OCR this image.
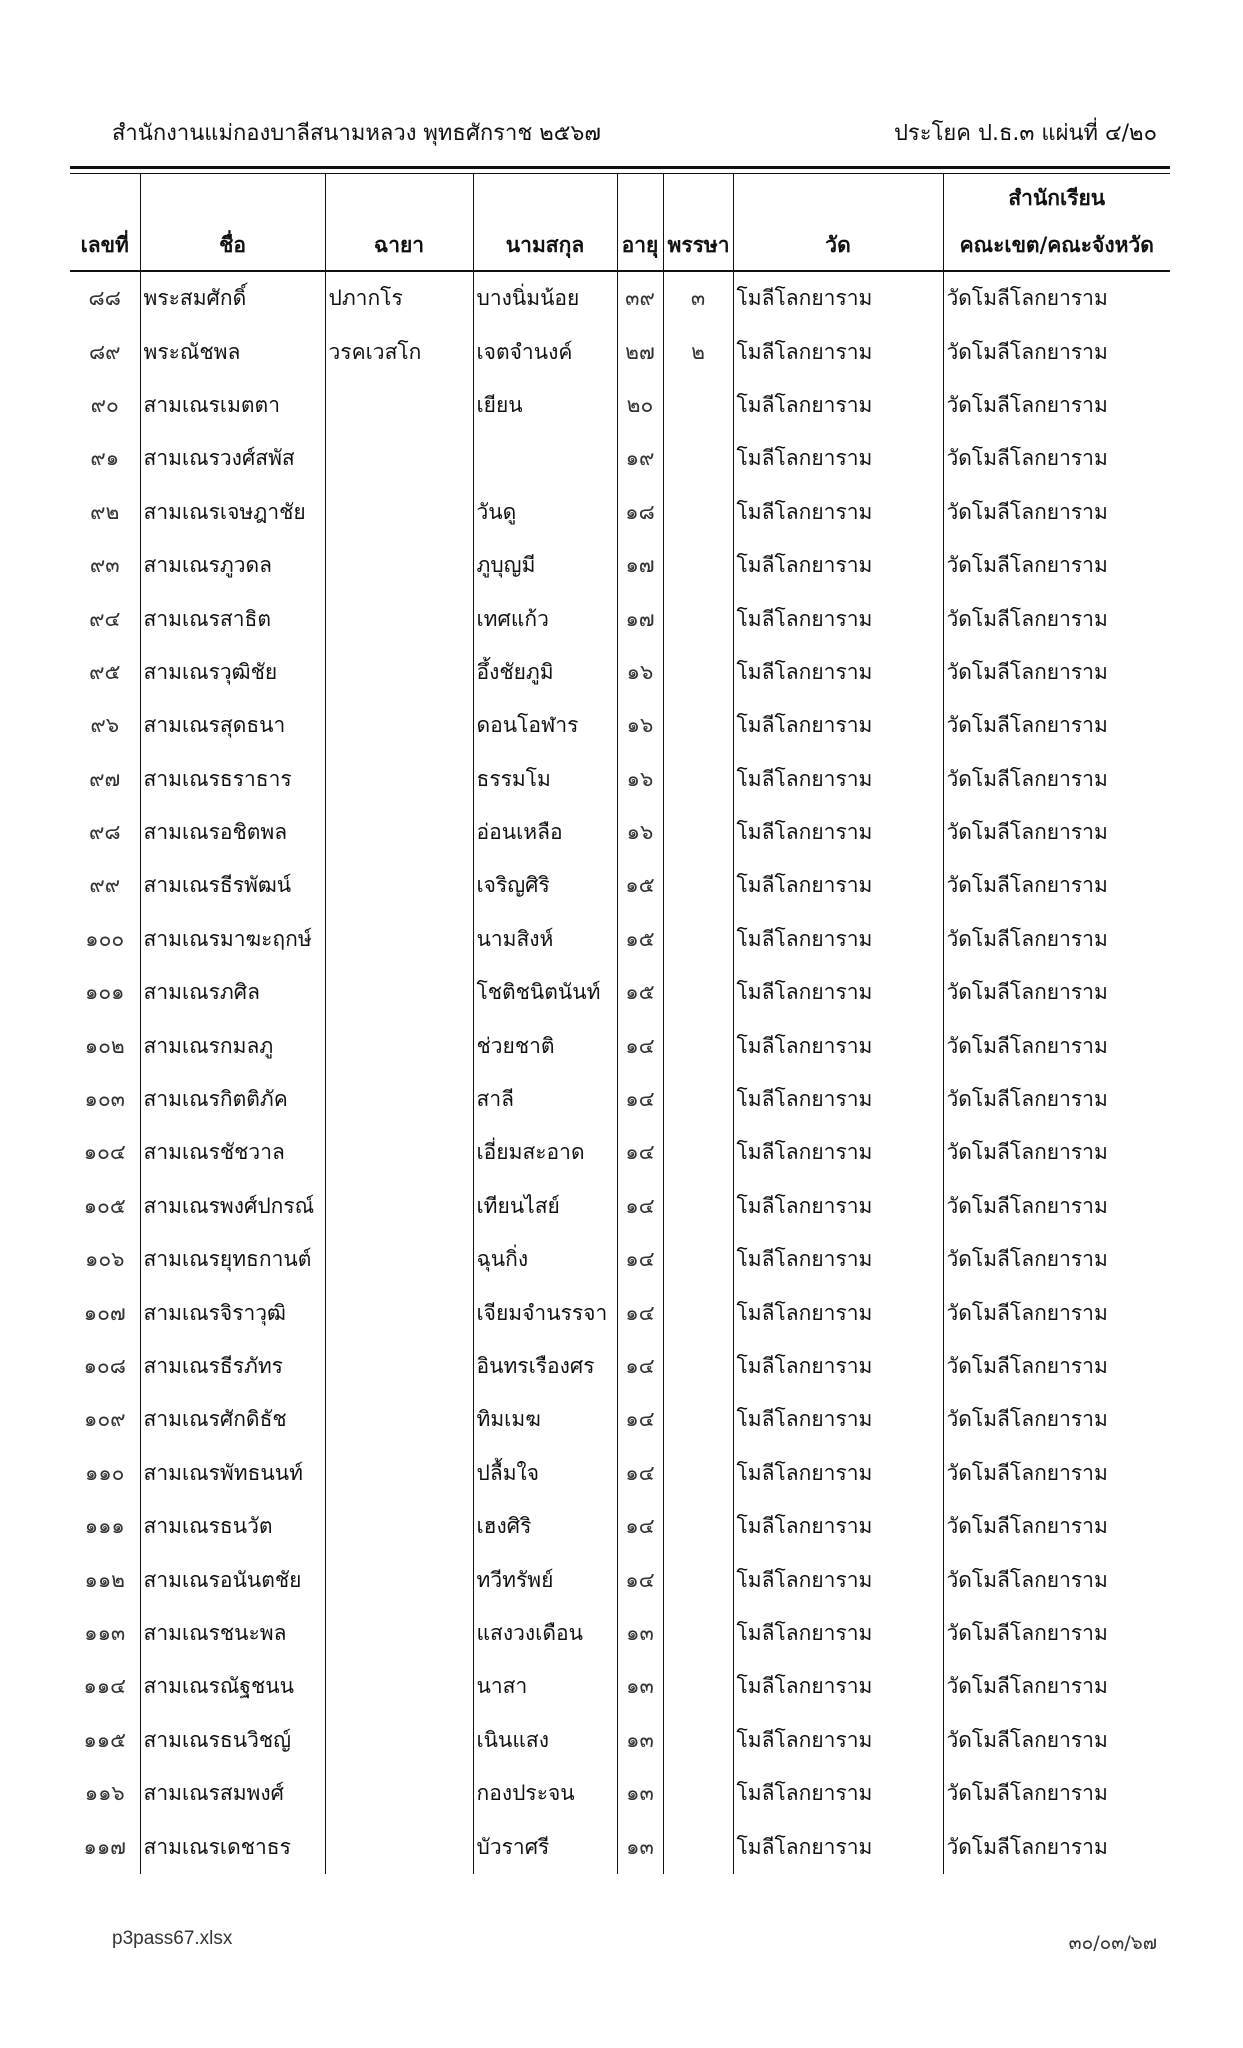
สำนักงานแม่กองบาลีสนามหลวง พุทธศักราช ๒๕๖๗	ประโยค ป.ธ.๓ แผ่นที่ ๔/๒๐

เลขที่	ชื่อ	ฉายา	นามสกุล	อายุ	พรรษา	วัด	สำนักเรียน
คณะเขต/คณะจังหวัด
๘๘	พระสมศักดิ์	ปภากโร	บางนิ่มน้อย	๓๙	๓	โมลีโลกยาราม	วัดโมลีโลกยาราม
๘๙	พระณัชพล	วรคเวสโก	เจตจำนงค์	๒๗	๒	โมลีโลกยาราม	วัดโมลีโลกยาราม
๙๐	สามเณรเมตตา		เยียน	๒๐		โมลีโลกยาราม	วัดโมลีโลกยาราม
๙๑	สามเณรวงศ์สพัส			๑๙		โมลีโลกยาราม	วัดโมลีโลกยาราม
๙๒	สามเณรเจษฎาชัย		วันดู	๑๘		โมลีโลกยาราม	วัดโมลีโลกยาราม
๙๓	สามเณรภูวดล		ภูบุญมี	๑๗		โมลีโลกยาราม	วัดโมลีโลกยาราม
๙๔	สามเณรสาธิต		เทศแก้ว	๑๗		โมลีโลกยาราม	วัดโมลีโลกยาราม
๙๕	สามเณรวุฒิชัย		อึ้งชัยภูมิ	๑๖		โมลีโลกยาราม	วัดโมลีโลกยาราม
๙๖	สามเณรสุดธนา		ดอนโอฬาร	๑๖		โมลีโลกยาราม	วัดโมลีโลกยาราม
๙๗	สามเณรธราธาร		ธรรมโม	๑๖		โมลีโลกยาราม	วัดโมลีโลกยาราม
๙๘	สามเณรอชิตพล		อ่อนเหลือ	๑๖		โมลีโลกยาราม	วัดโมลีโลกยาราม
๙๙	สามเณรธีรพัฒน์		เจริญศิริ	๑๕		โมลีโลกยาราม	วัดโมลีโลกยาราม
๑๐๐	สามเณรมาฆะฤกษ์		นามสิงห์	๑๕		โมลีโลกยาราม	วัดโมลีโลกยาราม
๑๐๑	สามเณรภศิล		โชติชนิตนันท์	๑๕		โมลีโลกยาราม	วัดโมลีโลกยาราม
๑๐๒	สามเณรกมลภู		ช่วยชาติ	๑๔		โมลีโลกยาราม	วัดโมลีโลกยาราม
๑๐๓	สามเณรกิตติภัค		สาลี	๑๔		โมลีโลกยาราม	วัดโมลีโลกยาราม
๑๐๔	สามเณรชัชวาล		เอี่ยมสะอาด	๑๔		โมลีโลกยาราม	วัดโมลีโลกยาราม
๑๐๕	สามเณรพงศ์ปกรณ์		เทียนไสย์	๑๔		โมลีโลกยาราม	วัดโมลีโลกยาราม
๑๐๖	สามเณรยุทธกานต์		ฉุนกิ่ง	๑๔		โมลีโลกยาราม	วัดโมลีโลกยาราม
๑๐๗	สามเณรจิราวุฒิ		เจียมจำนรรจา	๑๔		โมลีโลกยาราม	วัดโมลีโลกยาราม
๑๐๘	สามเณรธีรภัทร		อินทรเรืองศร	๑๔		โมลีโลกยาราม	วัดโมลีโลกยาราม
๑๐๙	สามเณรศักดิธัช		ทิมเมฆ	๑๔		โมลีโลกยาราม	วัดโมลีโลกยาราม
๑๑๐	สามเณรพัทธนนท์		ปลื้มใจ	๑๔		โมลีโลกยาราม	วัดโมลีโลกยาราม
๑๑๑	สามเณรธนวัต		เฮงศิริ	๑๔		โมลีโลกยาราม	วัดโมลีโลกยาราม
๑๑๒	สามเณรอนันตชัย		ทวีทรัพย์	๑๔		โมลีโลกยาราม	วัดโมลีโลกยาราม
๑๑๓	สามเณรชนะพล		แสงวงเดือน	๑๓		โมลีโลกยาราม	วัดโมลีโลกยาราม
๑๑๔	สามเณรณัฐชนน		นาสา	๑๓		โมลีโลกยาราม	วัดโมลีโลกยาราม
๑๑๕	สามเณรธนวิชญ์		เนินแสง	๑๓		โมลีโลกยาราม	วัดโมลีโลกยาราม
๑๑๖	สามเณรสมพงศ์		กองประจน	๑๓		โมลีโลกยาราม	วัดโมลีโลกยาราม
๑๑๗	สามเณรเดชาธร		บัวราศรี	๑๓		โมลีโลกยาราม	วัดโมลีโลกยาราม
p3pass67.xlsx	๓๐/๐๓/๖๗
